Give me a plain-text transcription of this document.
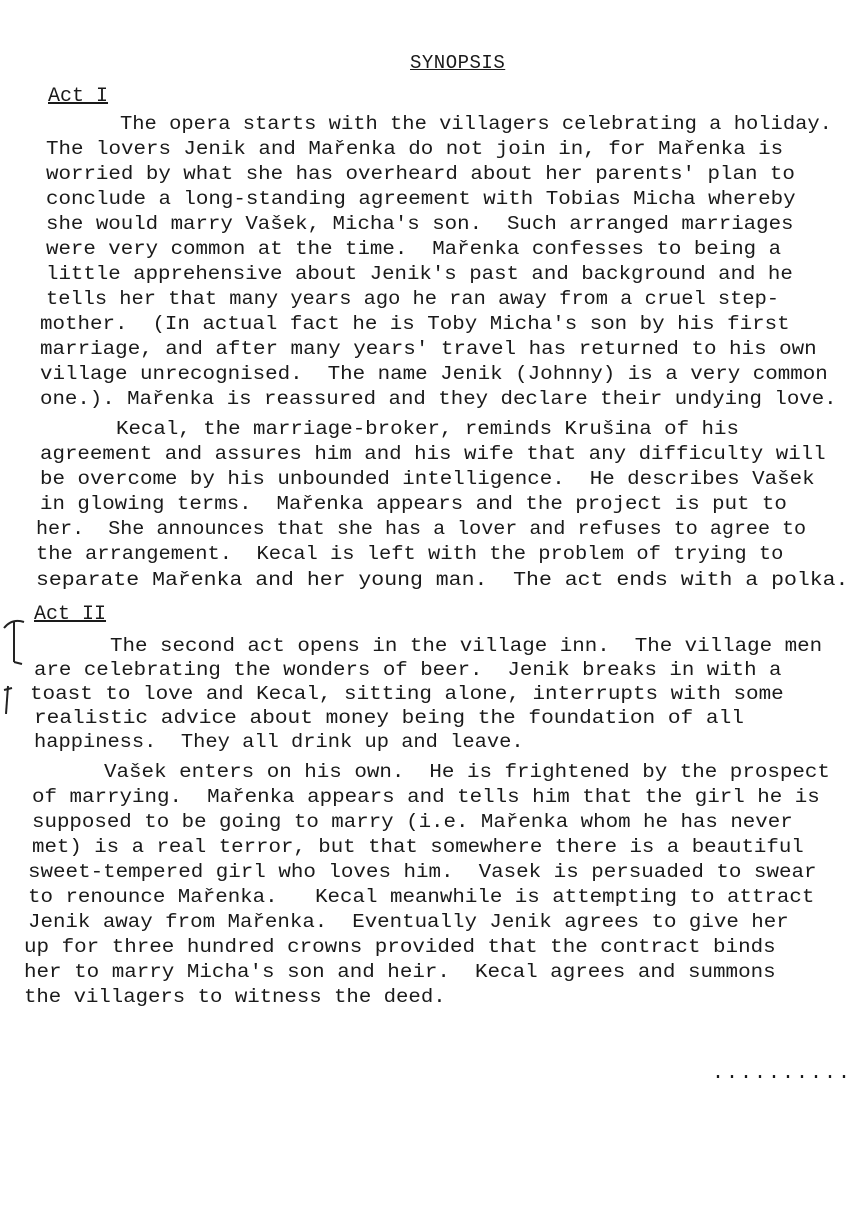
SYNOPSIS
Act I
The opera starts with the villagers celebrating a holiday.
The lovers Jenik and Mařenka do not join in, for Mařenka is
worried by what she has overheard about her parents' plan to
conclude a long-standing agreement with Tobias Micha whereby
she would marry Vašek, Micha's son.  Such arranged marriages
were very common at the time.  Mařenka confesses to being a
little apprehensive about Jenik's past and background and he
tells her that many years ago he ran away from a cruel step-
mother.  (In actual fact he is Toby Micha's son by his first
marriage, and after many years' travel has returned to his own
village unrecognised.  The name Jenik (Johnny) is a very common
one.). Mařenka is reassured and they declare their undying love.
Kecal, the marriage-broker, reminds Krušina of his
agreement and assures him and his wife that any difficulty will
be overcome by his unbounded intelligence.  He describes Vašek
in glowing terms.  Mařenka appears and the project is put to
her.  She announces that she has a lover and refuses to agree to
the arrangement.  Kecal is left with the problem of trying to
separate Mařenka and her young man.  The act ends with a polka.
Act II
The second act opens in the village inn.  The village men
are celebrating the wonders of beer.  Jenik breaks in with a
toast to love and Kecal, sitting alone, interrupts with some
realistic advice about money being the foundation of all
happiness.  They all drink up and leave.
Vašek enters on his own.  He is frightened by the prospect
of marrying.  Mařenka appears and tells him that the girl he is
supposed to be going to marry (i.e. Mařenka whom he has never
met) is a real terror, but that somewhere there is a beautiful
sweet-tempered girl who loves him.  Vasek is persuaded to swear
to renounce Mařenka.   Kecal meanwhile is attempting to attract
Jenik away from Mařenka.  Eventually Jenik agrees to give her
up for three hundred crowns provided that the contract binds
her to marry Micha's son and heir.  Kecal agrees and summons
the villagers to witness the deed.
..........
